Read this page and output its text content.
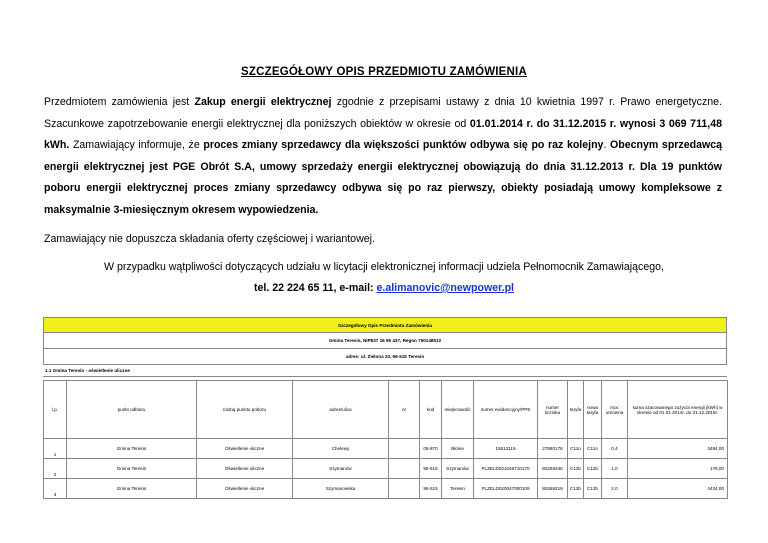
SZCZEGÓŁOWY OPIS PRZEDMIOTU ZAMÓWIENIA
Przedmiotem zamówienia jest Zakup energii elektrycznej zgodnie z przepisami ustawy z dnia 10 kwietnia 1997 r. Prawo energetyczne. Szacunkowe zapotrzebowanie energii elektrycznej dla poniższych obiektów w okresie od 01.01.2014 r. do 31.12.2015 r. wynosi 3 069 711,48 kWh. Zamawiający informuje, że proces zmiany sprzedawcy dla większości punktów odbywa się po raz kolejny. Obecnym sprzedawcą energii elektrycznej jest PGE Obrót S.A, umowy sprzedaży energii elektrycznej obowiązują do dnia 31.12.2013 r. Dla 19 punktów poboru energii elektrycznej proces zmiany sprzedawcy odbywa się po raz pierwszy, obiekty posiadają umowy kompleksowe z maksymalnie 3-miesięcznym okresem wypowiedzenia.
Zamawiający nie dopuszcza składania oferty częściowej i wariantowej.
W przypadku wątpliwości dotyczących udziału w licytacji elektronicznej informacji udziela Pełnomocnik Zamawiającego,
tel. 22 224 65 11, e-mail: e.alimanovic@newpower.pl
Szczegółowy Opis Przedmiotu Zamówienia
Gmina Teresin, NIP837 16 95 437, Regon 750148532
adres: ul. Zielona 20, 96-515 Teresin
1.1 Gmina Teresin - oświetlenie uliczne
l.p.	punkt odbioru	rodzaj punktu poboru	adres/ulica	nr	kod	miejscowość	numer ewidencyjny/PPE	numer licznika	taryfa	nowa taryfa	moc umowna	suma szacowanego zużycia energii [kWh] w okresie od 01.01.2014r. do 31.12.2015r.
1	Gmina Teresin	Oświetlenie uliczne	Chelewy		05-870	Błonie	15513119	27880176	C11o	C11o	0,4	3484,00
2	Gmina Teresin	Oświetlenie uliczne	Szymanów		95-516	Szymanów	PLZELD021046710170	80269345	C12b	C12b	1,0	178,00
3	Gmina Teresin	Oświetlenie uliczne	Szymanowska		96-515	Teresin	PLZELD020047000109	80269219	C12b	C12b	2,0	4434,00
